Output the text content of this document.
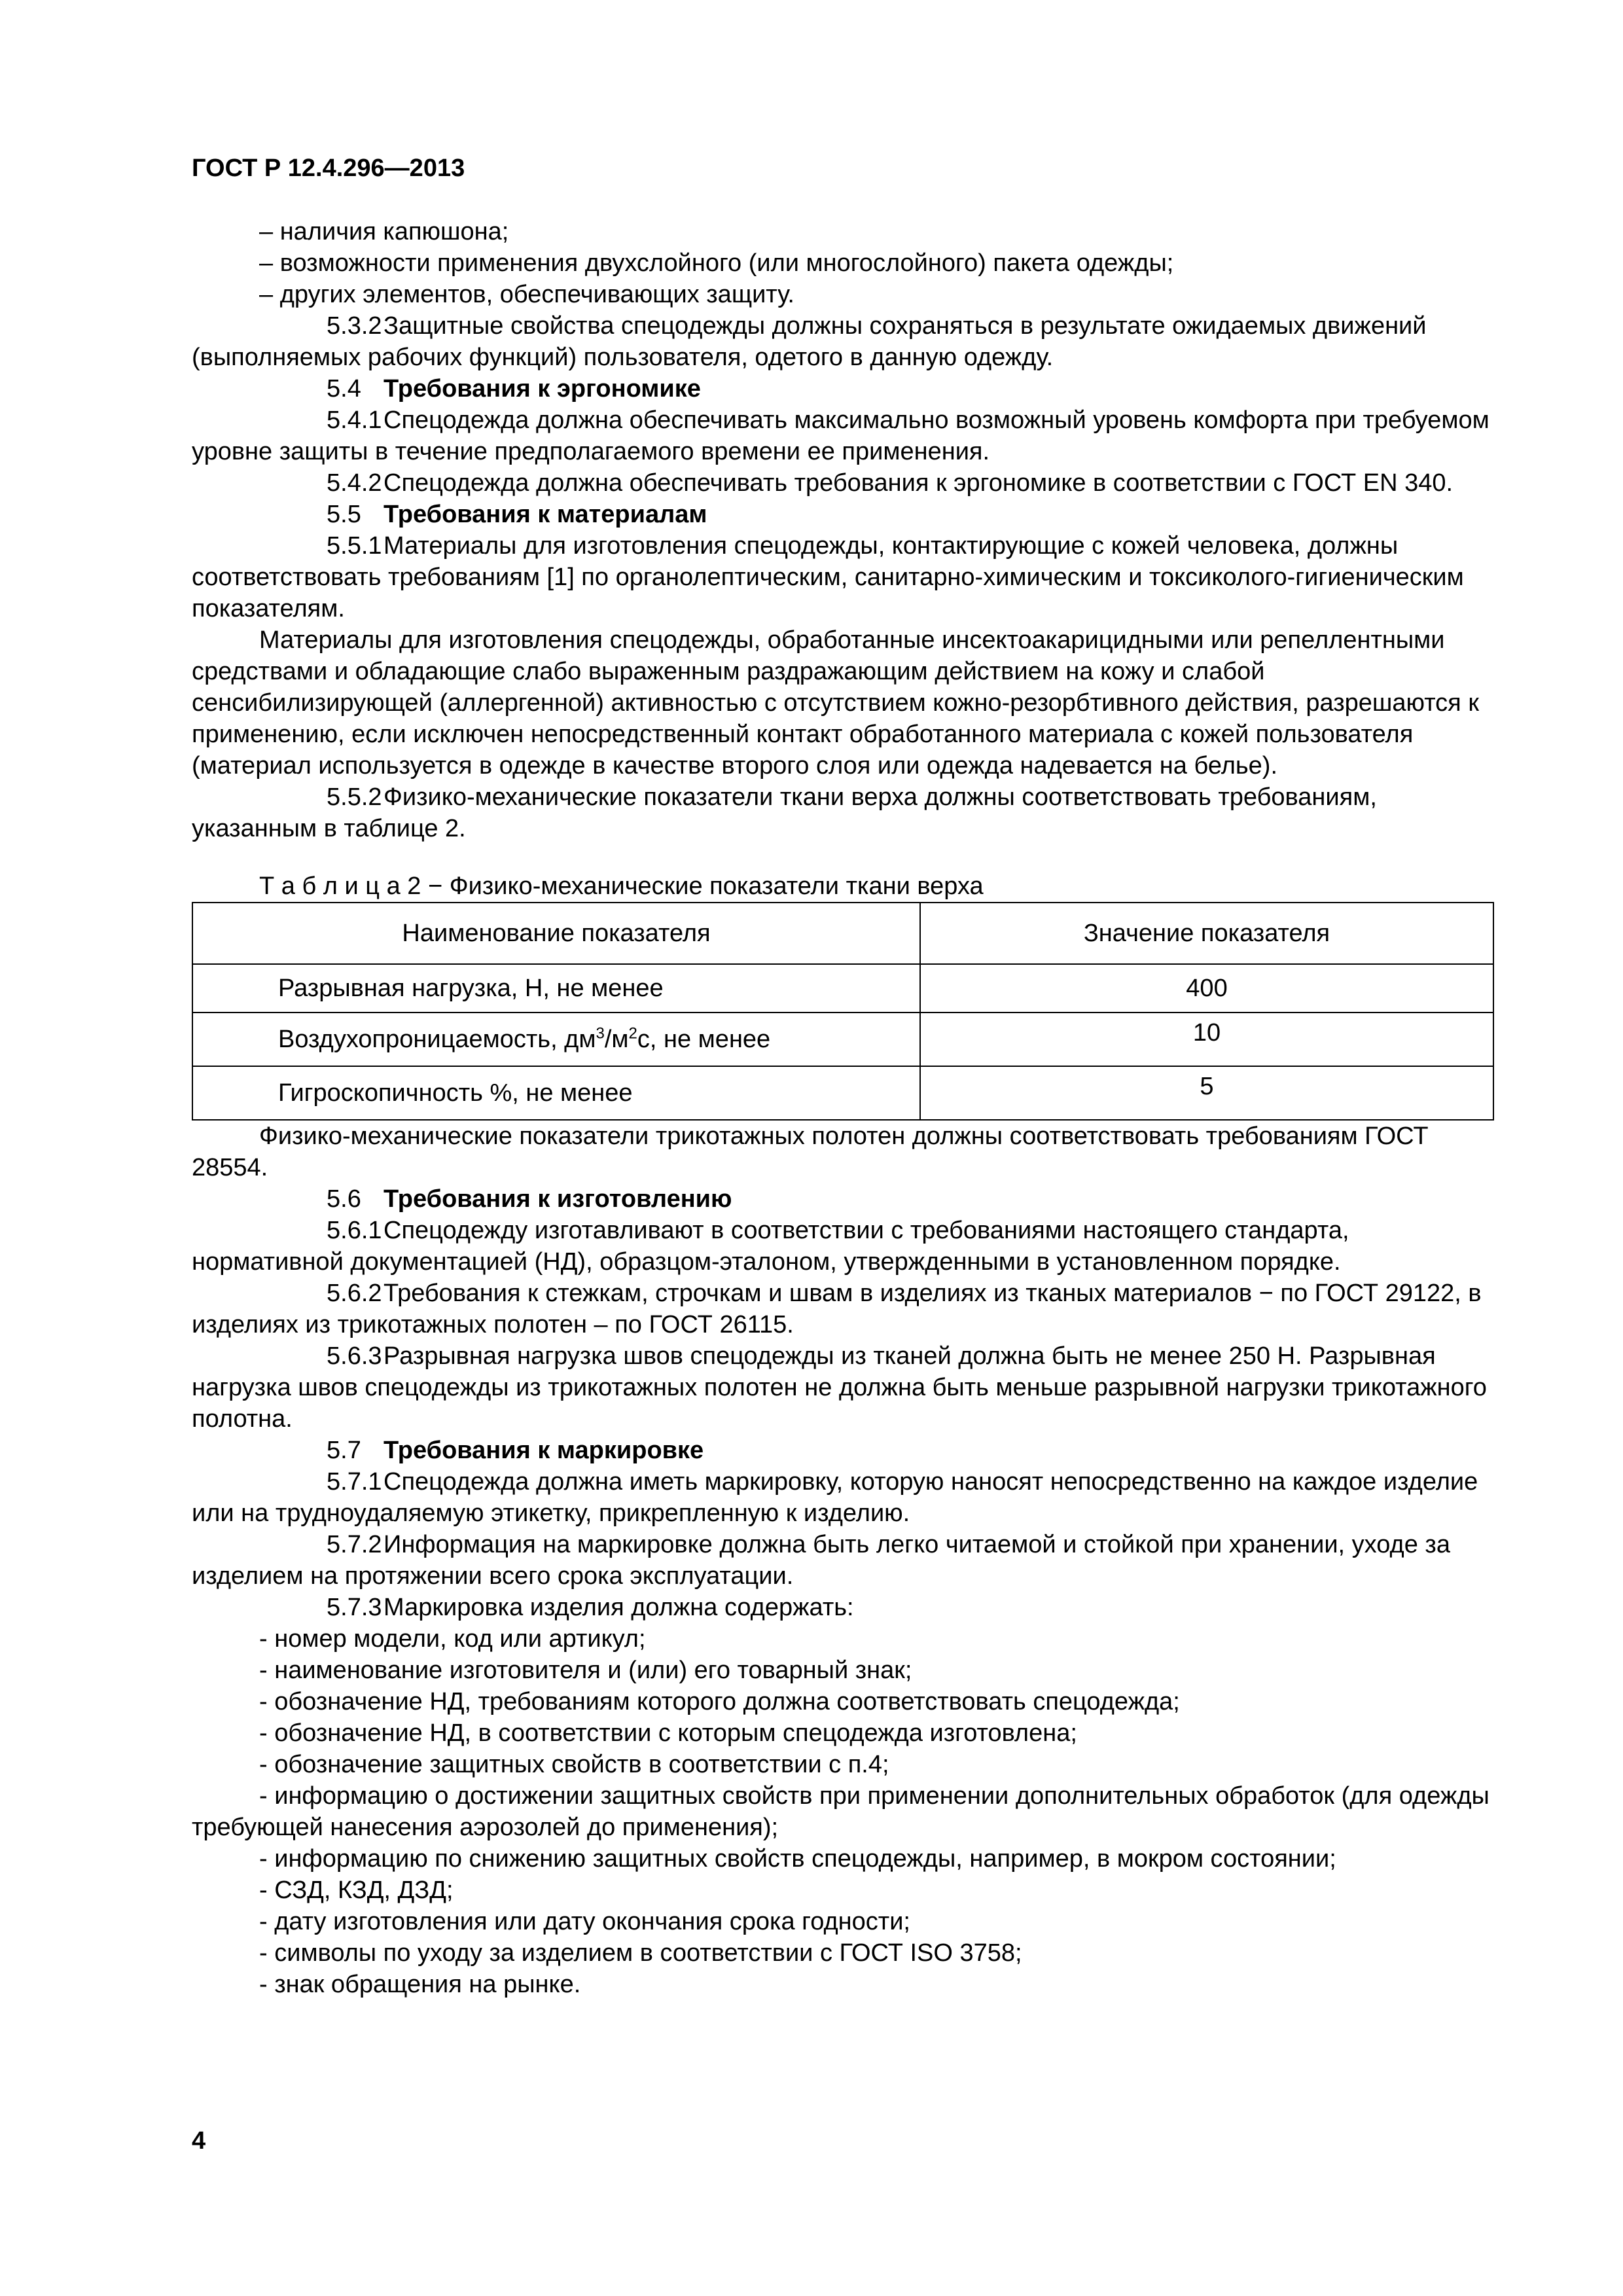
ГОСТ Р 12.4.296—2013

– наличия капюшона;

– возможности применения двухслойного (или многослойного) пакета одежды;

– других элементов, обеспечивающих защиту.

5.3.2Защитные свойства спецодежды должны сохраняться в результате ожидаемых движений (выполняемых рабочих функций) пользователя, одетого в данную одежду.

5.4 Требования к эргономике

5.4.1Спецодежда должна обеспечивать максимально возможный уровень комфорта при требуемом уровне защиты в течение предполагаемого времени ее применения.

5.4.2Спецодежда должна обеспечивать требования к эргономике в соответствии с ГОСТ EN 340.

5.5 Требования к материалам

5.5.1Материалы для изготовления спецодежды, контактирующие с кожей человека, должны соответствовать требованиям [1] по органолептическим, санитарно-химическим и токсиколого-гигиеническим показателям.

Материалы для изготовления спецодежды, обработанные инсектоакарицидными или репеллентными средствами и обладающие слабо выраженным раздражающим действием на кожу и слабой сенсибилизирующей (аллергенной) активностью с отсутствием кожно-резорбтивного действия, разрешаются к применению, если исключен непосредственный контакт обработанного материала с кожей пользователя (материал используется в одежде в качестве второго слоя или одежда надевается на белье).

5.5.2Физико-механические показатели ткани верха должны соответствовать требованиям, указанным в таблице 2.

Т а б л и ц а 2 − Физико-механические показатели ткани верха

Наименование показателя	Значение показателя

Разрывная нагрузка, Н, не менее	400

Воздухопроницаемость, $дм^3/м^2с$, не менее	10

Гигроскопичность %, не менее	5

Физико-механические показатели трикотажных полотен должны соответствовать требованиям ГОСТ 28554.

5.6 Требования к изготовлению

5.6.1Спецодежду изготавливают в соответствии с требованиями настоящего стандарта, нормативной документацией (НД), образцом-эталоном, утвержденными в установленном порядке.

5.6.2Требования к стежкам, строчкам и швам в изделиях из тканых материалов − по ГОСТ 29122, в изделиях из трикотажных полотен – по ГОСТ 26115.

5.6.3Разрывная нагрузка швов спецодежды из тканей должна быть не менее 250 Н. Разрывная нагрузка швов спецодежды из трикотажных полотен не должна быть меньше разрывной нагрузки трикотажного полотна.

5.7 Требования к маркировке

5.7.1Спецодежда должна иметь маркировку, которую наносят непосредственно на каждое изделие или на трудноудаляемую этикетку, прикрепленную к изделию.

5.7.2Информация на маркировке должна быть легко читаемой и стойкой при хранении, уходе за изделием на протяжении всего срока эксплуатации.

5.7.3Маркировка изделия должна содержать:

- номер модели, код или артикул;

- наименование изготовителя и (или) его товарный знак;

- обозначение НД, требованиям которого должна соответствовать спецодежда;

- обозначение НД, в соответствии с которым спецодежда изготовлена;

- обозначение защитных свойств в соответствии с п.4;

- информацию о достижении защитных свойств при применении дополнительных обработок (для одежды требующей нанесения аэрозолей до применения);

- информацию по снижению защитных свойств спецодежды, например, в мокром состоянии;

- СЗД, КЗД, ДЗД;

- дату изготовления или дату окончания срока годности;

- символы по уходу за изделием в соответствии с ГОСТ ISO 3758;

- знак обращения на рынке.

4
